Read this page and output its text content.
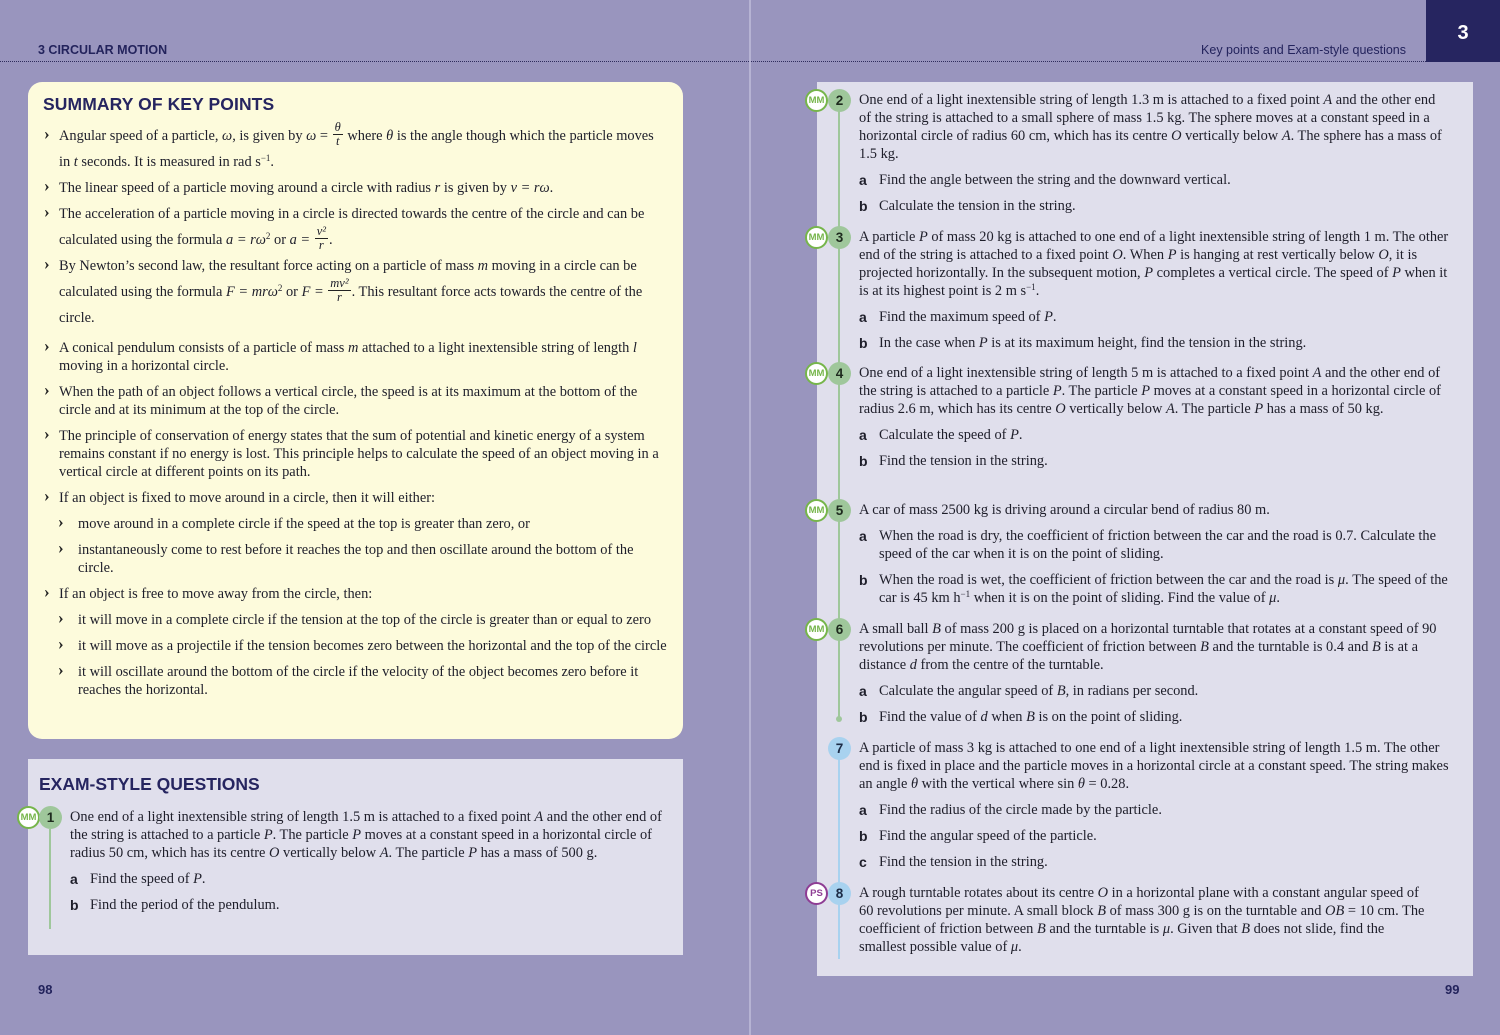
3 CIRCULAR MOTION	Key points and Exam-style questions
3
98	99
SUMMARY OF KEY POINTS
› Angular speed of a particle, ω, is given by $\omega = \frac{\theta}{t}$ where θ is the angle though which the particle moves in t seconds. It is measured in rad $s^{-1}$.
› The linear speed of a particle moving around a circle with radius r is given by v = rω.
› The acceleration of a particle moving in a circle is directed towards the centre of the circle and can be calculated using the formula $a = r\omega^2$ or $a = \frac{\text{v²}}{r}$ .
› By Newton’s second law, the resultant force acting on a particle of mass m moving in a circle can be calculated using the formula F = mrω$^2$ or $F = \frac{\text{mv²}}{r}$ . This resultant force acts towards the centre of the circle.
› A conical pendulum consists of a particle of mass m attached to a light inextensible string of length l moving in a horizontal circle.
› When the path of an object follows a vertical circle, the speed is at its maximum at the bottom of the circle and at its minimum at the top of the circle.
› The principle of conservation of energy states that the sum of potential and kinetic energy of a system remains constant if no energy is lost. This principle helps to calculate the speed of an object moving in a vertical circle at different points on its path.
› If an object is fixed to move around in a circle, then it will either:
› move around in a complete circle if the speed at the top is greater than zero, or
› instantaneously come to rest before it reaches the top and then oscillate around the bottom of the circle.
› If an object is free to move away from the circle, then:
› it will move in a complete circle if the tension at the top of the circle is greater than or equal to zero
› it will move as a projectile if the tension becomes zero between the horizontal and the top of the circle
› it will oscillate around the bottom of the circle if the velocity of the object becomes zero before it reaches the horizontal.
EXAM-STYLE QUESTIONS
MM 1	One end of a light inextensible string of length 1.5 m is attached to a fixed point A and the other end of the string is attached to a particle P. The particle P moves at a constant speed in a horizontal circle of radius 50 cm, which has its centre O vertically below A. The particle P has a mass of 500 g.
a Find the speed of P.
b Find the period of the pendulum.
MM 2	One end of a light inextensible string of length 1.3 m is attached to a fixed point A and the other end of the string is attached to a small sphere of mass 1.5 kg. The sphere moves at a constant speed in a horizontal circle of radius 60 cm, which has its centre O vertically below A. The sphere has a mass of 1.5 kg.
a Find the angle between the string and the downward vertical.
b Calculate the tension in the string.
MM 3	A particle P of mass 20 kg is attached to one end of a light inextensible string of length 1 m. The other end of the string is attached to a fixed point O. When P is hanging at rest vertically below O, it is projected horizontally. In the subsequent motion, P completes a vertical circle. The speed of P when it is at its highest point is 2 m $s^{-1}$.
a Find the maximum speed of P.
b In the case when P is at its maximum height, find the tension in the string.
MM 4	One end of a light inextensible string of length 5 m is attached to a fixed point A and the other end of the string is attached to a particle P. The particle P moves at a constant speed in a horizontal circle of radius 2.6 m, which has its centre O vertically below A. The particle P has a mass of 50 kg.
a Calculate the speed of P.
b Find the tension in the string.
MM 5	A car of mass 2500 kg is driving around a circular bend of radius 80 m.
a When the road is dry, the coefficient of friction between the car and the road is 0.7. Calculate the speed of the car when it is on the point of sliding.
b When the road is wet, the coefficient of friction between the car and the road is μ. The speed of the car is 45 km $h^{-1}$ when it is on the point of sliding. Find the value of μ.
MM 6	A small ball B of mass 200 g is placed on a horizontal turntable that rotates at a constant speed of 90 revolutions per minute. The coefficient of friction between B and the turntable is 0.4 and B is at a distance d from the centre of the turntable.
a Calculate the angular speed of B, in radians per second.
b Find the value of d when B is on the point of sliding.
7	A particle of mass 3 kg is attached to one end of a light inextensible string of length 1.5 m. The other end is fixed in place and the particle moves in a horizontal circle at a constant speed. The string makes an angle θ with the vertical where sin θ = 0.28.
a Find the radius of the circle made by the particle.
b Find the angular speed of the particle.
c Find the tension in the string.
PS 8	A rough turntable rotates about its centre O in a horizontal plane with a constant angular speed of 60 revolutions per minute. A small block B of mass 300 g is on the turntable and OB = 10 cm. The coefficient of friction between B and the turntable is μ. Given that B does not slide, find the smallest possible value of μ.
